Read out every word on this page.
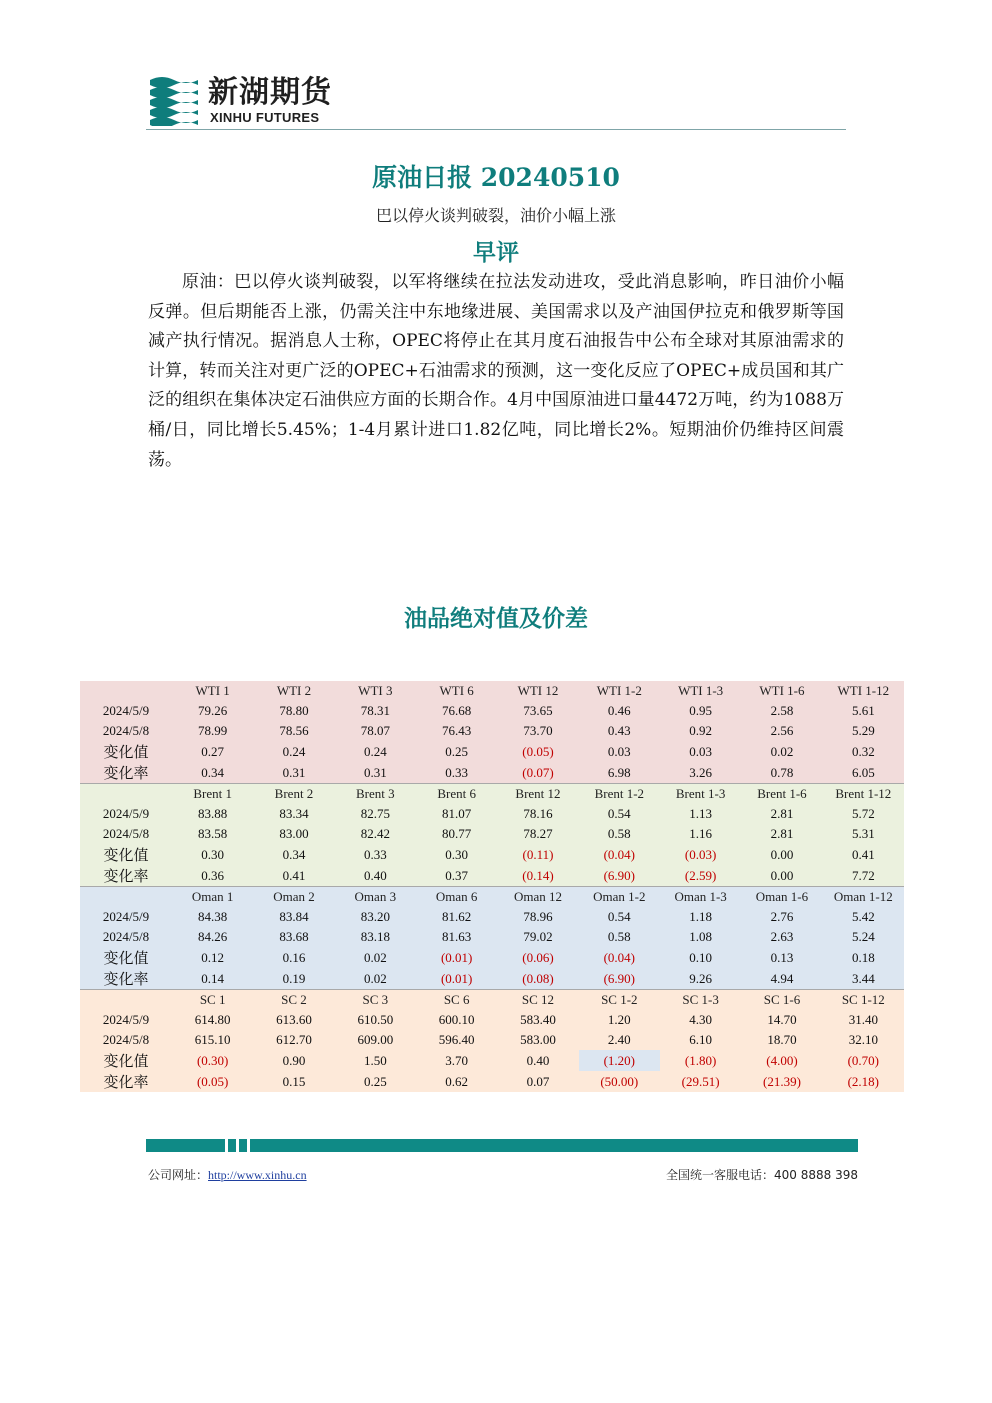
新湖期货
XINHU FUTURES
原油日报 20240510
巴以停火谈判破裂，油价小幅上涨
早评
原油：巴以停火谈判破裂，以军将继续在拉法发动进攻，受此消息影响，昨日油价小幅反弹。但后期能否上涨，仍需关注中东地缘进展、美国需求以及产油国伊拉克和俄罗斯等国减产执行情况。据消息人士称，OPEC将停止在其月度石油报告中公布全球对其原油需求的计算，转而关注对更广泛的OPEC+石油需求的预测，这一变化反应了OPEC+成员国和其广泛的组织在集体决定石油供应方面的长期合作。4月中国原油进口量4472万吨，约为1088万桶/日，同比增长5.45%；1-4月累计进口1.82亿吨，同比增长2%。短期油价仍维持区间震荡。
油品绝对值及价差
	WTI 1	WTI 2	WTI 3	WTI 6	WTI 12	WTI 1-2	WTI 1-3	WTI 1-6	WTI 1-12
2024/5/9	79.26	78.80	78.31	76.68	73.65	0.46	0.95	2.58	5.61
2024/5/8	78.99	78.56	78.07	76.43	73.70	0.43	0.92	2.56	5.29
变化值	0.27	0.24	0.24	0.25	(0.05)	0.03	0.03	0.02	0.32
变化率	0.34	0.31	0.31	0.33	(0.07)	6.98	3.26	0.78	6.05
	Brent 1	Brent 2	Brent 3	Brent 6	Brent 12	Brent 1-2	Brent 1-3	Brent 1-6	Brent 1-12
2024/5/9	83.88	83.34	82.75	81.07	78.16	0.54	1.13	2.81	5.72
2024/5/8	83.58	83.00	82.42	80.77	78.27	0.58	1.16	2.81	5.31
变化值	0.30	0.34	0.33	0.30	(0.11)	(0.04)	(0.03)	0.00	0.41
变化率	0.36	0.41	0.40	0.37	(0.14)	(6.90)	(2.59)	0.00	7.72
	Oman 1	Oman 2	Oman 3	Oman 6	Oman 12	Oman 1-2	Oman 1-3	Oman 1-6	Oman 1-12
2024/5/9	84.38	83.84	83.20	81.62	78.96	0.54	1.18	2.76	5.42
2024/5/8	84.26	83.68	83.18	81.63	79.02	0.58	1.08	2.63	5.24
变化值	0.12	0.16	0.02	(0.01)	(0.06)	(0.04)	0.10	0.13	0.18
变化率	0.14	0.19	0.02	(0.01)	(0.08)	(6.90)	9.26	4.94	3.44
	SC 1	SC 2	SC 3	SC 6	SC 12	SC 1-2	SC 1-3	SC 1-6	SC 1-12
2024/5/9	614.80	613.60	610.50	600.10	583.40	1.20	4.30	14.70	31.40
2024/5/8	615.10	612.70	609.00	596.40	583.00	2.40	6.10	18.70	32.10
变化值	(0.30)	0.90	1.50	3.70	0.40	(1.20)	(1.80)	(4.00)	(0.70)
变化率	(0.05)	0.15	0.25	0.62	0.07	(50.00)	(29.51)	(21.39)	(2.18)
公司网址：http://www.xinhu.cn	全国统一客服电话：400 8888 398
